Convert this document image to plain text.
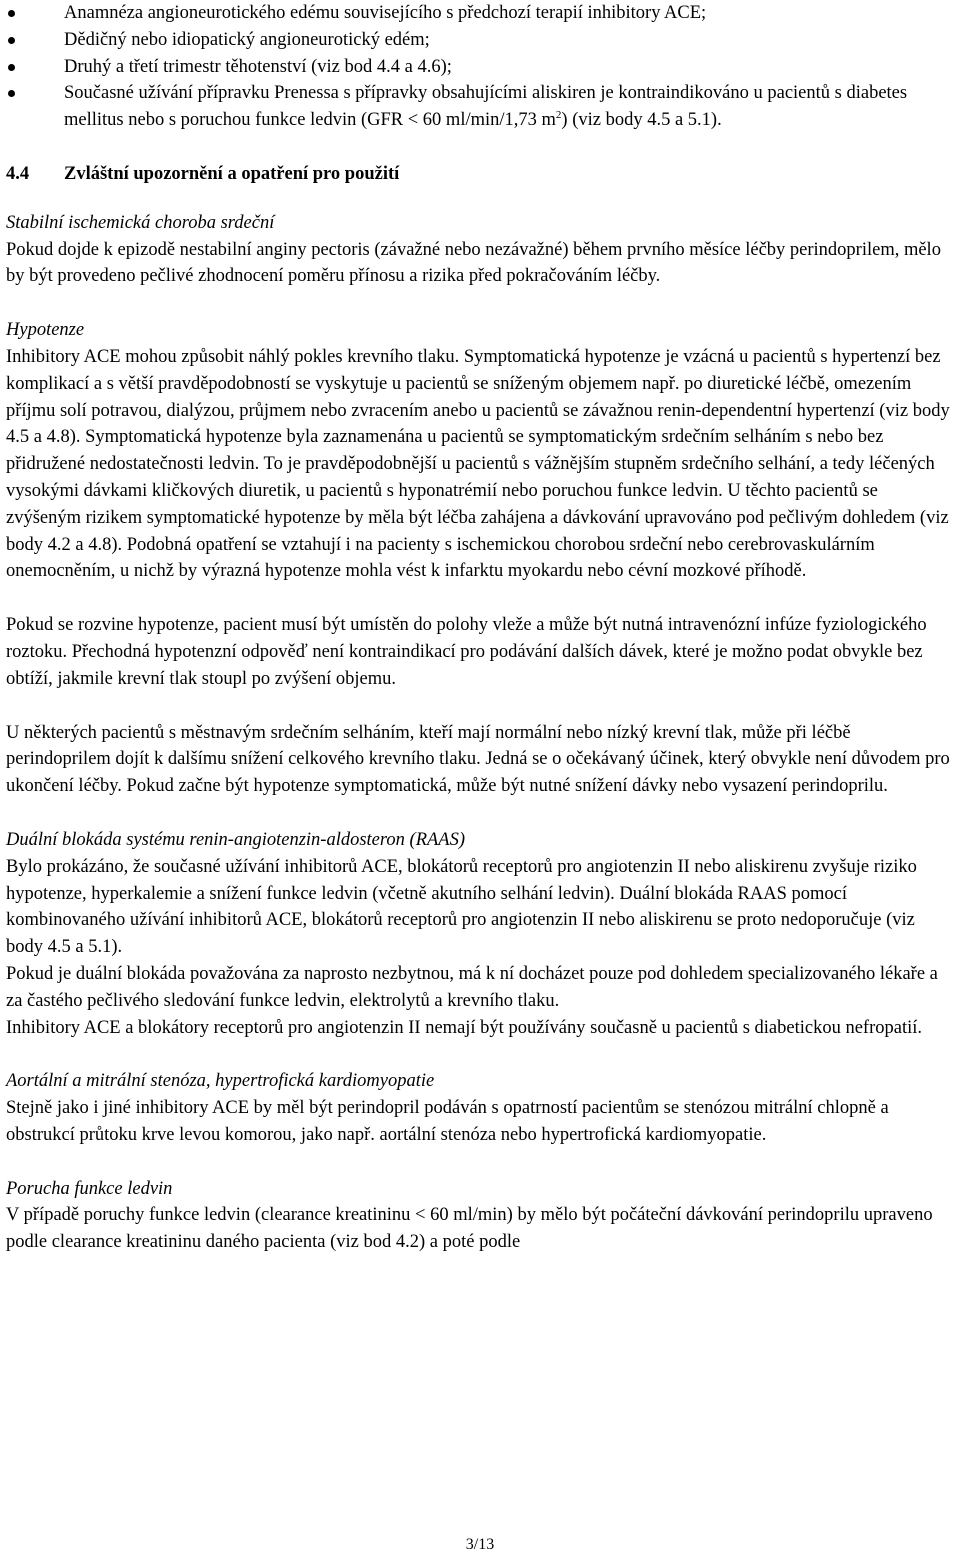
Anamnéza angioneurotického edému souvisejícího s předchozí terapií inhibitory ACE;
Dědičný nebo idiopatický angioneurotický edém;
Druhý a třetí trimestr těhotenství (viz bod 4.4 a 4.6);
Současné užívání přípravku Prenessa s přípravky obsahujícími aliskiren je kontraindikováno u pacientů s diabetes mellitus nebo s poruchou funkce ledvin (GFR < 60 ml/min/1,73 $m^2$) (viz body 4.5 a 5.1).
4.4	Zvláštní upozornění a opatření pro použití

Stabilní ischemická choroba srdeční

Pokud dojde k epizodě nestabilní anginy pectoris (závažné nebo nezávažné) během prvního měsíce léčby perindoprilem, mělo by být provedeno pečlivé zhodnocení poměru přínosu a rizika před pokračováním léčby.

Hypotenze

Inhibitory ACE mohou způsobit náhlý pokles krevního tlaku. Symptomatická hypotenze je vzácná u pacientů s hypertenzí bez komplikací a s větší pravděpodobností se vyskytuje u pacientů se sníženým objemem např. po diuretické léčbě, omezením příjmu solí potravou, dialýzou, průjmem nebo zvracením anebo u pacientů se závažnou renin-dependentní hypertenzí (viz body 4.5 a 4.8). Symptomatická hypotenze byla zaznamenána u pacientů se symptomatickým srdečním selháním s nebo bez přidružené nedostatečnosti ledvin. To je pravděpodobnější u pacientů s vážnějším stupněm srdečního selhání, a tedy léčených vysokými dávkami kličkových diuretik, u pacientů s hyponatrémií nebo poruchou funkce ledvin. U těchto pacientů se zvýšeným rizikem symptomatické hypotenze by měla být léčba zahájena a dávkování upravováno pod pečlivým dohledem (viz body 4.2 a 4.8). Podobná opatření se vztahují i na pacienty s ischemickou chorobou srdeční nebo cerebrovaskulárním onemocněním, u nichž by výrazná hypotenze mohla vést k infarktu myokardu nebo cévní mozkové příhodě.

Pokud se rozvine hypotenze, pacient musí být umístěn do polohy vleže a může být nutná intravenózní infúze fyziologického roztoku. Přechodná hypotenzní odpověď není kontraindikací pro podávání dalších dávek, které je možno podat obvykle bez obtíží, jakmile krevní tlak stoupl po zvýšení objemu.

U některých pacientů s městnavým srdečním selháním, kteří mají normální nebo nízký krevní tlak, může při léčbě perindoprilem dojít k dalšímu snížení celkového krevního tlaku. Jedná se o očekávaný účinek, který obvykle není důvodem pro ukončení léčby. Pokud začne být hypotenze symptomatická, může být nutné snížení dávky nebo vysazení perindoprilu.

Duální blokáda systému renin-angiotenzin-aldosteron (RAAS)

Bylo prokázáno, že současné užívání inhibitorů ACE, blokátorů receptorů pro angiotenzin II nebo aliskirenu zvyšuje riziko hypotenze, hyperkalemie a snížení funkce ledvin (včetně akutního selhání ledvin). Duální blokáda RAAS pomocí kombinovaného užívání inhibitorů ACE, blokátorů receptorů pro angiotenzin II nebo aliskirenu se proto nedoporučuje (viz body 4.5 a 5.1).

Pokud je duální blokáda považována za naprosto nezbytnou, má k ní docházet pouze pod dohledem specializovaného lékaře a za častého pečlivého sledování funkce ledvin, elektrolytů a krevního tlaku.

Inhibitory ACE a blokátory receptorů pro angiotenzin II nemají být používány současně u pacientů s diabetickou nefropatií.

Aortální a mitrální stenóza, hypertrofická kardiomyopatie

Stejně jako i jiné inhibitory ACE by měl být perindopril podáván s opatrností pacientům se stenózou mitrální chlopně a obstrukcí průtoku krve levou komorou, jako např. aortální stenóza nebo hypertrofická kardiomyopatie.

Porucha funkce ledvin

V případě poruchy funkce ledvin (clearance kreatininu < 60 ml/min) by mělo být počáteční dávkování perindoprilu upraveno podle clearance kreatininu daného pacienta (viz bod 4.2) a poté podle

3/13
